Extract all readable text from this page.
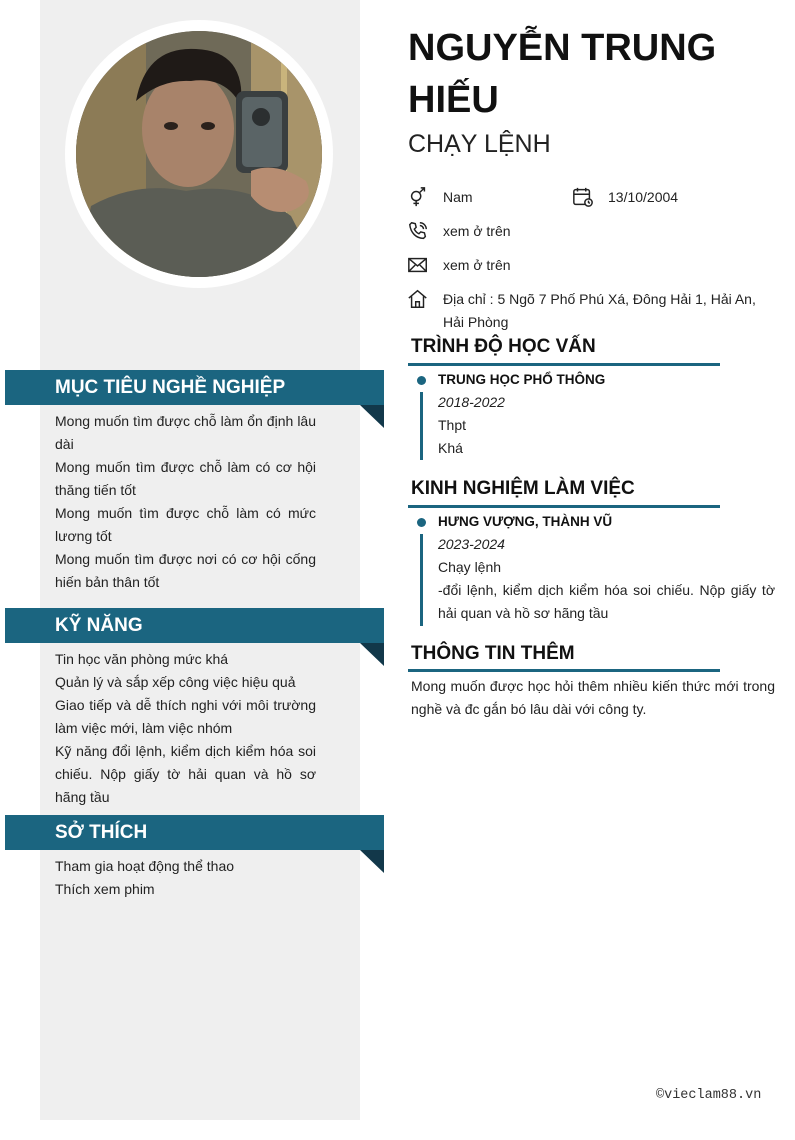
MỤC TIÊU NGHỀ NGHIỆP

Mong muốn tìm được chỗ làm ổn định lâu dài

Mong muốn tìm được chỗ làm có cơ hội thăng tiến tốt

Mong muốn tìm được chỗ làm có mức lương tốt

Mong muốn tìm được nơi có cơ hội cống hiến bản thân tốt

KỸ NĂNG

Tin học văn phòng mức khá

Quản lý và sắp xếp công việc hiệu quả

Giao tiếp và dễ thích nghi với môi trường làm việc mới, làm việc nhóm

Kỹ năng đổi lệnh, kiểm dịch kiểm hóa soi chiếu. Nộp giấy tờ hải quan và hồ sơ hãng tầu

SỞ THÍCH

Tham gia hoạt động thể thao

Thích xem phim

NGUYỄN TRUNG HIẾU
CHẠY LỆNH
Nam	13/10/2004
xem ở trên
xem ở trên
Địa chỉ : 5 Ngõ 7 Phố Phú Xá, Đông Hải 1, Hải An, Hải Phòng
TRÌNH ĐỘ HỌC VẤN
TRUNG HỌC PHỔ THÔNG
2018-2022
Thpt
Khá
KINH NGHIỆM LÀM VIỆC
HƯNG VƯỢNG, THÀNH VŨ
2023-2024
Chạy lệnh
-đổi lệnh, kiểm dịch kiểm hóa soi chiếu. Nộp giấy tờ hải quan và hồ sơ hãng tầu
THÔNG TIN THÊM
Mong muốn được học hỏi thêm nhiều kiến thức mới trong nghề và đc gắn bó lâu dài với công ty.
©vieclam88.vn
